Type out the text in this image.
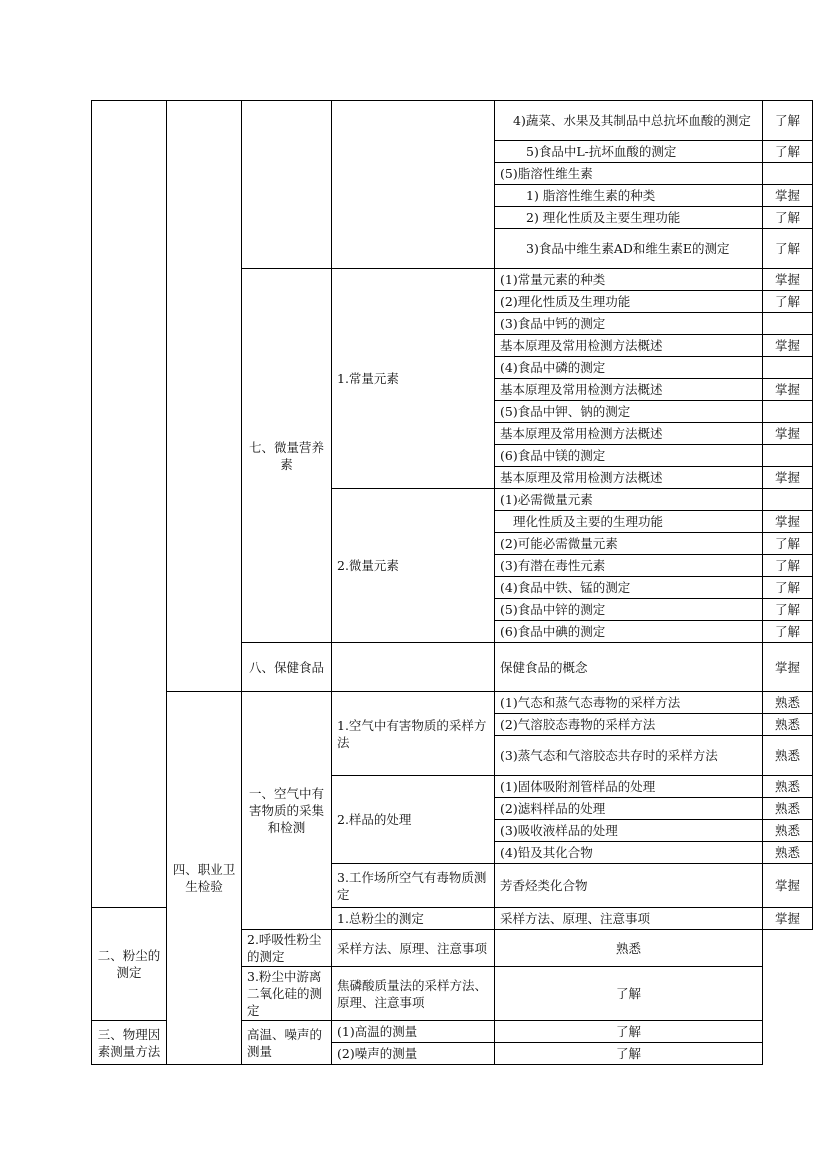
				4)蔬菜、水果及其制品中总抗坏血酸的测定	了解
				5)食品中L-抗坏血酸的测定	了解
				(5)脂溶性维生素	
				1) 脂溶性维生素的种类	掌握
				2) 理化性质及主要生理功能	了解
				3)食品中维生素AD和维生素E的测定	了解
		七、微量营养素	1.常量元素	(1)常量元素的种类	掌握
				(2)理化性质及生理功能	了解
				(3)食品中钙的测定	
				基本原理及常用检测方法概述	掌握
				(4)食品中磷的测定	
				基本原理及常用检测方法概述	掌握
				(5)食品中钾、钠的测定	
				基本原理及常用检测方法概述	掌握
				(6)食品中镁的测定	
				基本原理及常用检测方法概述	掌握
			2.微量元素	(1)必需微量元素	
				理化性质及主要的生理功能	掌握
				(2)可能必需微量元素	了解
				(3)有潜在毒性元素	了解
				(4)食品中铁、锰的测定	了解
				(5)食品中锌的测定	了解
				(6)食品中碘的测定	了解
		八、保健食品		保健食品的概念	掌握
	四、职业卫生检验	一、空气中有害物质的采集和检测	1.空气中有害物质的采样方法	(1)气态和蒸气态毒物的采样方法	熟悉
				(2)气溶胶态毒物的采样方法	熟悉
				(3)蒸气态和气溶胶态共存时的采样方法	熟悉
			2.样品的处理	(1)固体吸附剂管样品的处理	熟悉
				(2)滤料样品的处理	熟悉
				(3)吸收液样品的处理	熟悉
				(4)铅及其化合物	熟悉
			3.工作场所空气有毒物质测定	芳香烃类化合物	掌握
二、粉尘的测定			1.总粉尘的测定	采样方法、原理、注意事项	掌握
		2.呼吸性粉尘的测定	采样方法、原理、注意事项	熟悉	
		3.粉尘中游离二氧化硅的测定	焦磷酸质量法的采样方法、原理、注意事项	了解	
三、物理因素测量方法		高温、噪声的测量	(1)高温的测量	了解	
			(2)噪声的测量	了解	
